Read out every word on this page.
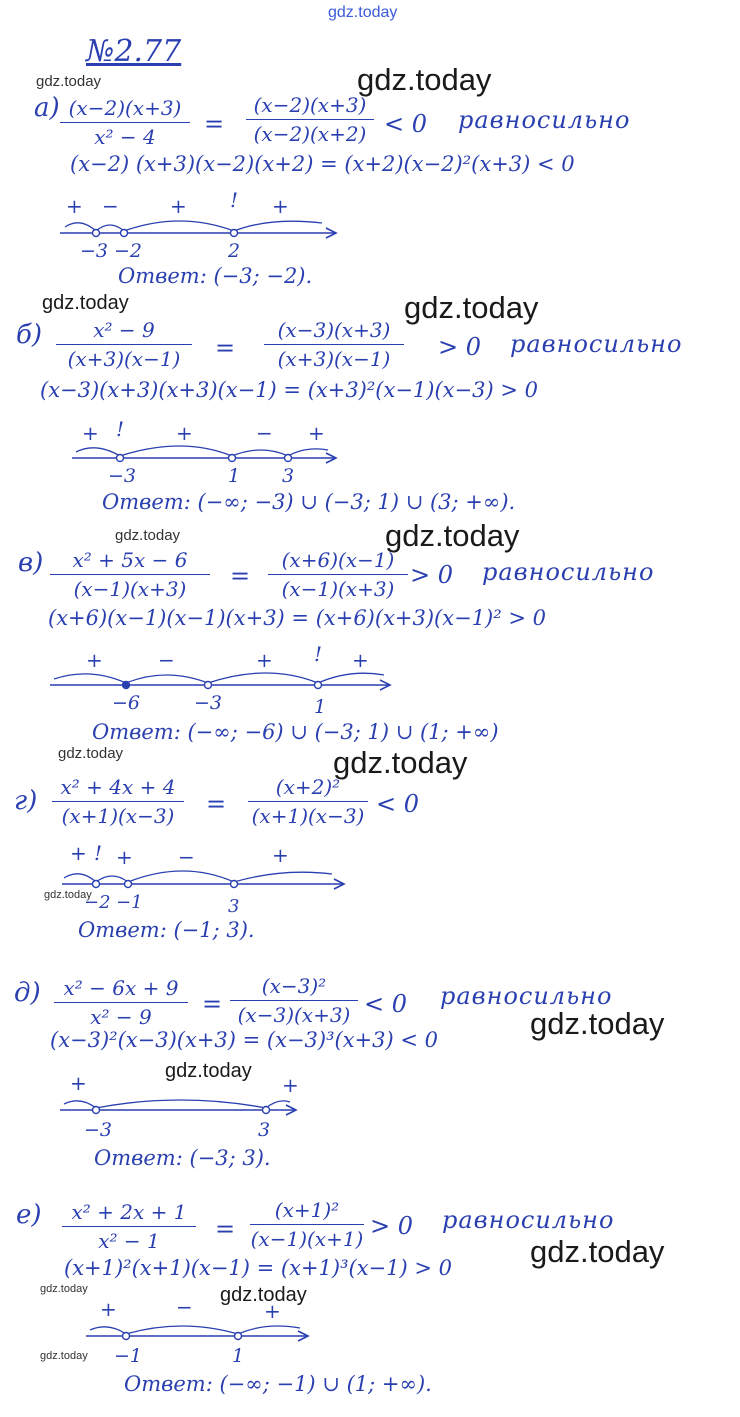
gdz.today
№2.77
gdz.today	gdz.today
gdz.today	gdz.today
gdz.today	gdz.today
gdz.today	gdz.today
gdz.today
gdz.today
gdz.today
gdz.today
gdz.today
gdz.today
gdz.today
а) (x−2)(x+3)
x² − 4	=
(x−2)(x+3)
(x−2)(x+2) < 0 равносильно
(x−2) (x+3)(x−2)(x+2) = (x+2)(x−2)²(x+3) < 0
+ −	+ ! +
−3 −2	2
Ответ: (−3; −2).
б)	x² − 9
(x+3)(x−1)	=
(x−3)(x+3)
(x+3)(x−1)	> 0 равносильно
(x−3)(x+3)(x+3)(x−1) = (x+3)²(x−1)(x−3) > 0
+ !	+	− +
−3	1 3
Ответ: (−∞; −3) ∪ (−3; 1) ∪ (3; +∞).
в)	x² + 5x − 6
(x−1)(x+3)	=
(x+6)(x−1)
(x−1)(x+3) > 0 равносильно
(x+6)(x−1)(x−1)(x+3) = (x+6)(x+3)(x−1)² > 0
+	−	+ ! +
−6	−3	1
Ответ: (−∞; −6) ∪ (−3; 1) ∪ (1; +∞)
г)	x² + 4x + 4
(x+1)(x−3)	=
(x+2)²
(x+1)(x−3) < 0
+ ! + −	+
−2 −1	3
Ответ: (−1; 3).
д)	x² − 6x + 9
x² − 9	=
(x−3)²
(x−3)(x+3) < 0 равносильно
(x−3)²(x−3)(x+3) = (x−3)³(x+3) < 0
+	+
−3	3
Ответ: (−3; 3).
е)	x² + 2x + 1
x² − 1	=
(x+1)²
(x−1)(x+1) > 0 равносильно
(x+1)²(x+1)(x−1) = (x+1)³(x−1) > 0
+	−	+
−1	1
Ответ: (−∞; −1) ∪ (1; +∞).
